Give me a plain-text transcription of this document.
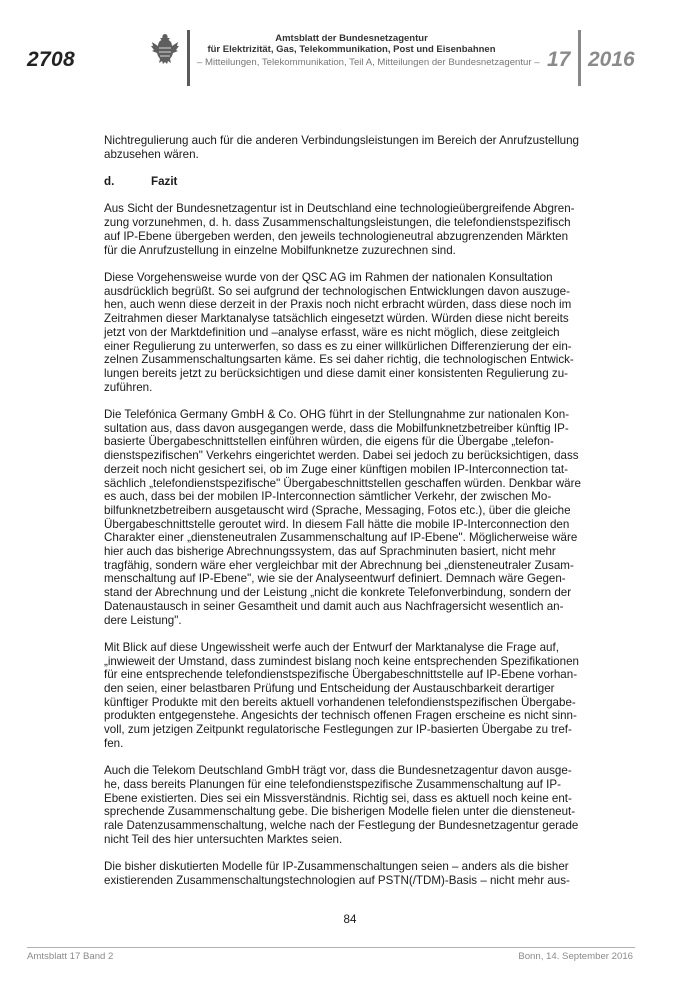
2708
Amtsblatt der Bundesnetzagentur
für Elektrizität, Gas, Telekommunikation, Post und Eisenbahnen
– Mitteilungen, Telekommunikation, Teil A, Mitteilungen der Bundesnetzagentur – 17 2016

Nichtregulierung auch für die anderen Verbindungsleistungen im Bereich der Anrufzustellung
abzusehen wären.

d.	Fazit

Aus Sicht der Bundesnetzagentur ist in Deutschland eine technologieübergreifende Abgren-
zung vorzunehmen, d. h. dass Zusammenschaltungsleistungen, die telefondienstspezifisch
auf IP-Ebene übergeben werden, den jeweils technologieneutral abzugrenzenden Märkten
für die Anrufzustellung in einzelne Mobilfunknetze zuzurechnen sind.

Diese Vorgehensweise wurde von der QSC AG im Rahmen der nationalen Konsultation
ausdrücklich begrüßt. So sei aufgrund der technologischen Entwicklungen davon auszuge-
hen, auch wenn diese derzeit in der Praxis noch nicht erbracht würden, dass diese noch im
Zeitrahmen dieser Marktanalyse tatsächlich eingesetzt würden. Würden diese nicht bereits
jetzt von der Marktdefinition und –analyse erfasst, wäre es nicht möglich, diese zeitgleich
einer Regulierung zu unterwerfen, so dass es zu einer willkürlichen Differenzierung der ein-
zelnen Zusammenschaltungsarten käme. Es sei daher richtig, die technologischen Entwick-
lungen bereits jetzt zu berücksichtigen und diese damit einer konsistenten Regulierung zu-
zuführen.

Die Telefónica Germany GmbH & Co. OHG führt in der Stellungnahme zur nationalen Kon-
sultation aus, dass davon ausgegangen werde, dass die Mobilfunknetzbetreiber künftig IP-
basierte Übergabeschnittstellen einführen würden, die eigens für die Übergabe „telefon-
dienstspezifischen" Verkehrs eingerichtet werden. Dabei sei jedoch zu berücksichtigen, dass
derzeit noch nicht gesichert sei, ob im Zuge einer künftigen mobilen IP-Interconnection tat-
sächlich „telefondienstspezifische" Übergabeschnittstellen geschaffen würden. Denkbar wäre
es auch, dass bei der mobilen IP-Interconnection sämtlicher Verkehr, der zwischen Mo-
bilfunknetzbetreibern ausgetauscht wird (Sprache, Messaging, Fotos etc.), über die gleiche
Übergabeschnittstelle geroutet wird. In diesem Fall hätte die mobile IP-Interconnection den
Charakter einer „diensteneutralen Zusammenschaltung auf IP-Ebene". Möglicherweise wäre
hier auch das bisherige Abrechnungssystem, das auf Sprachminuten basiert, nicht mehr
tragfähig, sondern wäre eher vergleichbar mit der Abrechnung bei „diensteneutraler Zusam-
menschaltung auf IP-Ebene", wie sie der Analyseentwurf definiert. Demnach wäre Gegen-
stand der Abrechnung und der Leistung „nicht die konkrete Telefonverbindung, sondern der
Datenaustausch in seiner Gesamtheit und damit auch aus Nachfragersicht wesentlich an-
dere Leistung".

Mit Blick auf diese Ungewissheit werfe auch der Entwurf der Marktanalyse die Frage auf,
„inwieweit der Umstand, dass zumindest bislang noch keine entsprechenden Spezifikationen
für eine entsprechende telefondienstspezifische Übergabeschnittstelle auf IP-Ebene vorhan-
den seien, einer belastbaren Prüfung und Entscheidung der Austauschbarkeit derartiger
künftiger Produkte mit den bereits aktuell vorhandenen telefondienstspezifischen Übergabe-
produkten entgegenstehe. Angesichts der technisch offenen Fragen erscheine es nicht sinn-
voll, zum jetzigen Zeitpunkt regulatorische Festlegungen zur IP-basierten Übergabe zu tref-
fen.

Auch die Telekom Deutschland GmbH trägt vor, dass die Bundesnetzagentur davon ausge-
he, dass bereits Planungen für eine telefondienstspezifische Zusammenschaltung auf IP-
Ebene existierten. Dies sei ein Missverständnis. Richtig sei, dass es aktuell noch keine ent-
sprechende Zusammenschaltung gebe. Die bisherigen Modelle fielen unter die diensteneut-
rale Datenzusammenschaltung, welche nach der Festlegung der Bundesnetzagentur gerade
nicht Teil des hier untersuchten Marktes seien.

Die bisher diskutierten Modelle für IP-Zusammenschaltungen seien – anders als die bisher
existierenden Zusammenschaltungstechnologien auf PSTN(/TDM)-Basis – nicht mehr aus-

84
Amtsblatt 17 Band 2	Bonn, 14. September 2016
